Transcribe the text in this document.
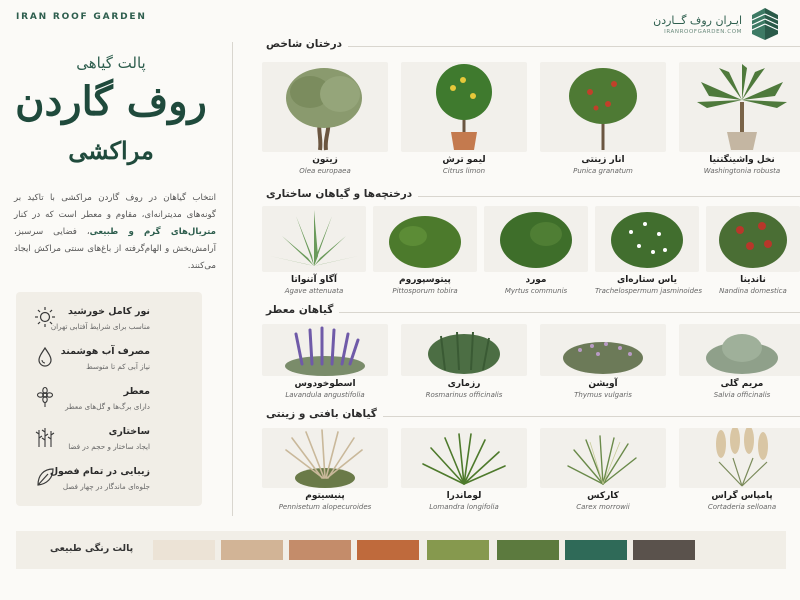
IRAN ROOF GARDEN	ایـران روف گــاردن
IRANROOFGARDEN.COM
پالت گیاهی
روف گاردن
مراکشی
انتخاب گیاهان در روف گاردن مراکشی با تاکید بر گونه‌های مدیترانه‌ای، مقاوم و معطر است که در کنار متریال‌های گرم و طبیعی، فضایی سرسبز، آرامش‌بخش و الهام‌گرفته از باغ‌های سنتی مراکش ایجاد می‌کنند.
نور کامل خورشید
مناسب برای شرایط آفتابی تهران
مصرف آب هوشمند
نیاز آبی کم تا متوسط
معطر
دارای برگ‌ها و گل‌های معطر
ساختاری
ایجاد ساختار و حجم در فضا
زیبایی در تمام فصول
جلوه‌ای ماندگار در چهار فصل
درختان شاخص
زیتون
Olea europaea
لیمو ترش
Citrus limon
انار زینتی
Punica granatum
نخل واشینگتنیا
Washingtonia robusta
درختچه‌ها و گیاهان ساختاری
آگاو آتنواتا
Agave attenuata
پیتوسپوروم
Pittosporum tobira
مورد
Myrtus communis
یاس ستاره‌ای
Trachelospermum jasminoides
ناندینا
Nandina domestica
گیاهان معطر
اسطوخودوس
Lavandula angustifolia
رزماری
Rosmarinus officinalis
آویشن
Thymus vulgaris
مریم گلی
Salvia officinalis
گیاهان بافتی و زینتی
پنیسیتوم
Pennisetum alopecuroides
لوماندرا
Lomandra longifolia
کارکس
Carex morrowii
پامپاس گراس
Cortaderia selloana
پالت رنگی طبیعی
